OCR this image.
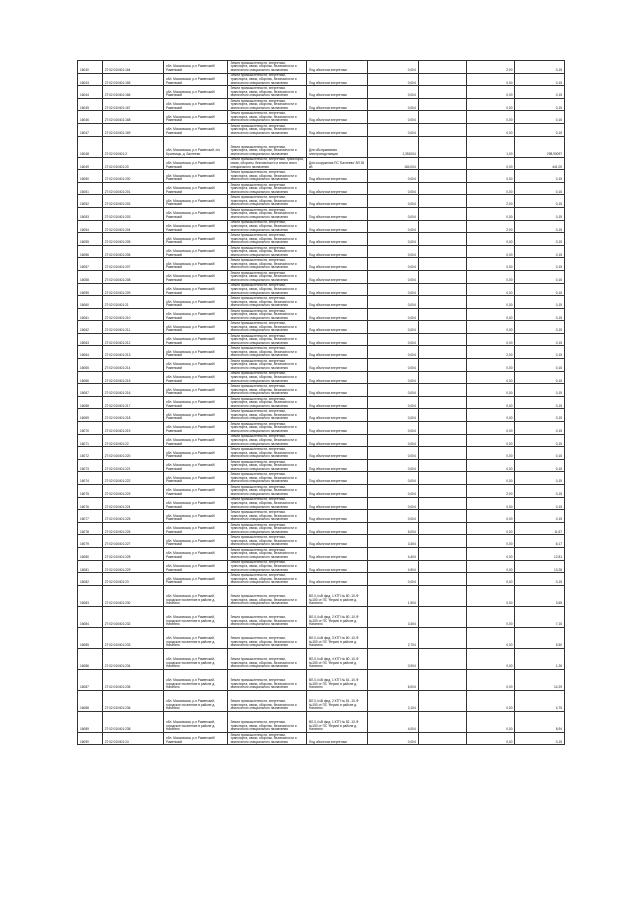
16040	27:02:010401:164	обл. Московская, р-н Раменский/Раменский	Земли промышленности, энергетики, транспорта, связи, обороны, безопасности и земли иного специального назначения	Под объектом энергетики	0,004		2,00	0,15
16043	27:02:010401:165	обл. Московская, р-н Раменский/Раменский	Земли промышленности, энергетики, транспорта, связи, обороны, безопасности и земли иного специального назначения	Под объектом энергетики	0,004		0,00	0,15
16044	27:02:010401:166	обл. Московская, р-н Раменский/Раменский	Земли промышленности, энергетики, транспорта, связи, обороны, безопасности и земли иного специального назначения	Под объектом энергетики	0,004		0,00	0,15
16045	27:02:010401:167	обл. Московская, р-н Раменский/Раменский	Земли промышленности, энергетики, транспорта, связи, обороны, безопасности и земли иного специального назначения	Под объектом энергетики	0,004		0,00	0,15
16046	27:02:010401:168	обл. Московская, р-н Раменский/Раменский	Земли промышленности, энергетики, транспорта, связи, обороны, безопасности и земли иного специального назначения	Под объектом энергетики	0,004		0,00	0,15
16047	27:02:010401:169	обл. Московская, р-н Раменский/Раменский	Земли промышленности, энергетики, транспорта, связи, обороны, безопасности и земли иного специального назначения	Под объектом энергетики	0,004		0,00	0,15
16048	27:02:010401:2	обл. Московская, р-н Раменский, п/о Бронницы, д. Бахтеево	Земли промышленности, энергетики, транспорта, связи, обороны, безопасности и земли иного специального назначения	Для обслуживания электроподстанции	1,351004		1,00	298,93097
16049	27:02:010401:20	обл. Московская, р-н Раменский/Раменский	Земли промышленности, энергетики, транспорta, связи, обороны, безопасности и земли иного специального назначения	Для сооружения ПС 'Бахтеево' ВЛ 35 кВ	184,004		0,00	441,00
16050	27:02:010401:200	обл. Московская, р-н Раменский/Раменский	Земли промышленности, энергетики, транспорта, связи, обороны, безопасности и земли иного специального назначения	Под объектом энергетики	0,004		0,00	0,15
16051	27:02:010401:201	обл. Московская, р-н Раменский/Раменский	Земли промышленности, энергетики, транспорта, связи, обороны, безопасности и земли иного специального назначения	Под объектом энергетики	0,004		0,00	0,15
16052	27:02:010401:202	обл. Московская, р-н Раменский/Раменский	Земли промышленности, энергетики, транспорта, связи, обороны, безопасности и земли иного специального назначения	Под объектом энергетики	0,004		2,00	0,15
16053	27:02:010401:203	обл. Московская, р-н Раменский/Раменский	Земли промышленности, энергетики, транспорта, связи, обороны, безопасности и земли иного специального назначения	Под объектом энергетики	0,004		0,00	0,15
16054	27:02:010401:204	обл. Московская, р-н Раменский/Раменский	Земли промышленности, энергетики, транспорта, связи, обороны, безопасности и земли иного специального назначения	Под объектом энергетики	0,004		2,00	0,15
16055	27:02:010401:205	обл. Московская, р-н Раменский/Раменский	Земли промышленности, энергетики, транспорта, связи, обороны, безопасности и земли иного специального назначения	Под объектом энергетики	0,004		0,00	0,15
16056	27:02:010401:206	обл. Московская, р-н Раменский/Раменский	Земли промышленности, энергетики, транспорта, связи, обороны, безопасности и земли иного специального назначения	Под объектом энергетики	0,004		0,00	0,15
16057	27:02:010401:207	обл. Московская, р-н Раменский/Раменский	Земли промышленности, энергетики, транспорта, связи, обороны, безопасности и земли иного специального назначения	Под объектом энергетики	0,004		0,00	0,15
16058	27:02:010401:208	обл. Московская, р-н Раменский/Раменский	Земли промышленности, энергетики, транспорта, связи, обороны, безопасности и земли иного специального назначения	Под объектом энергетики	0,004		0,00	0,15
16059	27:02:010401:209	обл. Московская, р-н Раменский/Раменский	Земли промышленности, энергетики, транспорта, связи, обороны, безопасности и земли иного специального назначения	Под объектом энергетики	0,004		0,00	0,15
16060	27:02:010401:21	обл. Московская, р-н Раменский/Раменский	Земли промышленности, энергетики, транспорта, связи, обороны, безопасности и земли иного специального назначения	Под объектом энергетики	0,004		0,00	0,15
16061	27:02:010401:210	обл. Московская, р-н Раменский/Раменский	Земли промышленности, энергетики, транспорта, связи, обороны, безопасности и земли иного специального назначения	Под объектом энергетики	0,004		0,00	0,15
16062	27:02:010401:211	обл. Московская, р-н Раменский/Раменский	Земли промышленности, энергетики, транспорта, связи, обороны, безопасности и земли иного специального назначения	Под объектом энергетики	0,004		0,00	0,15
16063	27:02:010401:212	обл. Московская, р-н Раменский/Раменский	Земли промышленности, энергетики, транспорта, связи, обороны, безопасности и земли иного специального назначения	Под объектом энергетики	0,004		0,00	0,15
16064	27:02:010401:213	обл. Московская, р-н Раменский/Раменский	Земли промышленности, энергетики, транспорта, связи, обороны, безопасности и земли иного специального назначения	Под объектом энергетики	0,004		2,00	0,15
16065	27:02:010401:214	обл. Московская, р-н Раменский/Раменский	Земли промышленности, энергетики, транспорта, связи, обороны, безопасности и земли иного специального назначения	Под объектом энергетики	0,004		0,00	0,15
16066	27:02:010401:215	обл. Московская, р-н Раменский/Раменский	Земли промышленности, энергетики, транспорта, связи, обороны, безопасности и земли иного специального назначения	Под объектом энергетики	0,004		0,00	0,15
16067	27:02:010401:216	обл. Московская, р-н Раменский/Раменский	Земли промышленности, энергетики, транспорта, связи, обороны, безопасности и земли иного специального назначения	Под объектом энергетики	0,004		0,00	0,15
16068	27:02:010401:217	обл. Московская, р-н Раменский/Раменский	Земли промышленности, энергетики, транспорта, связи, обороны, безопасности и земли иного специального назначения	Под объектом энергетики	0,004		0,00	0,15
16069	27:02:010401:218	обл. Московская, р-н Раменский/Раменский	Земли промышленности, энергетики, транспорта, связи, обороны, безопасности и земли иного специального назначения	Под объектом энергетики	0,004		0,00	0,15
16070	27:02:010401:219	обл. Московская, р-н Раменский/Раменский	Земли промышленности, энергетики, транспорта, связи, обороны, безопасности и земли иного специального назначения	Под объектом энергетики	0,004		0,00	0,15
16071	27:02:010401:22	обл. Московская, р-н Раменский/Раменский	Земли промышленности, энергетики, транспорта, связи, обороны, безопасности и земли иного специального назначения	Под объектом энергетики	0,004		0,00	0,15
16072	27:02:010401:220	обл. Московская, р-н Раменский/Раменский	Земли промышленности, энергетики, транспорта, связи, обороны, безопасности и земли иного специального назначения	Под объектом энергетики	0,004		0,00	0,15
16073	27:02:010401:221	обл. Московская, р-н Раменский/Раменский	Земли промышленности, энергетики, транспорта, связи, обороны, безопасности и земли иного специального назначения	Под объектом энергетики	0,004		0,00	0,15
16074	27:02:010401:222	обл. Московская, р-н Раменский/Раменский	Земли промышленности, энергетики, транспорта, связи, обороны, безопасности и земли иного специального назначения	Под объектом энергетики	0,004		0,00	0,15
16075	27:02:010401:223	обл. Московская, р-н Раменский/Раменский	Земли промышленности, энергетики, транспорта, связи, обороны, безопасности и земли иного специального назначения	Под объектом энергетики	0,004		2,00	0,15
16076	27:02:010401:224	обл. Московская, р-н Раменский/Раменский	Земли промышленности, энергетики, транспорта, связи, обороны, безопасности и земли иного специального назначения	Под объектом энергетики	0,004		0,00	0,15
16077	27:02:010401:225	обл. Московская, р-н Раменский/Раменский	Земли промышленности, энергетики, транспорта, связи, обороны, безопасности и земли иного специального назначения	Под объектом энергетики	0,004		0,00	0,15
16078	27:02:010401:226	обл. Московская, р-н Раменский/Раменский	Земли промышленности, энергетики, транспорта, связи, обороны, безопасности и земли иного специального назначения	Под объектом энергетики	6,004		0,00	11,67
16079	27:02:010401:227	обл. Московская, р-н Раменский/Раменский	Земли промышленности, энергетики, транспорта, связи, обороны, безопасности и земли иного специального назначения	Под объектом энергетики	3,404		0,00	6,17
16080	27:02:010401:228	обл. Московская, р-н Раменский/Раменский	Земли промышленности, энергетики, транспорта, связи, обороны, безопасности и земли иного специального назначения	Под объектом энергетики	4,404		0,00	12,81
16081	27:02:010401:229	обл. Московская, р-н Раменский/Раменский	Земли промышленности, энергетики, транспорта, связи, обороны, безопасности и земли иного специального назначения	Под объектом энергетики	4,904		0,00	13,28
16082	27:02:010401:23	обл. Московская, р-н Раменский/Раменский	Земли промышленности, энергетики, транспорта, связи, обороны, безопасности и земли иного специального назначения	Под объектом энергетики	0,004		0,00	0,15
16083	27:02:010401:230	обл. Московская, р-н Раменский, городское поселение в районе д. Нагатино	Земли промышленности, энергетики, транспорта, связи, обороны, безопасности и земли иного специального назначения	ВЛ-0,4 кВ фид. 1 КТП № 80 -10-Ф №150 от ПС 'Ферма' в районе д. Нагатино	1,904		0,00	3,65
16084	27:02:010401:232	обл. Московская, р-н Раменский, городское поселение в районе д. Нагатино	Земли промышленности, энергетики, транспорта, связи, обороны, безопасности и земли иного специального назначения	ВЛ-0,4 кВ фид. 2 КТП № 80 -10-Ф №150 от ПС 'Ферма' в районе д. Нагатино	3,404		0,00	7,15
16085	27:02:010401:233	обл. Московская, р-н Раменский, городское поселение в районе д. Нагатино	Земли промышленности, энергетики, транспорта, связи, обороны, безопасности и земли иного специального назначения	ВЛ-0,4 кВ фид. 3 КТП № 80 -10-Ф №150 от ПС 'Ферма' в районе д. Нагатино	2,704		0,00	5,50
16086	27:02:010401:234	обл. Московская, р-н Раменский, городское поселение в районе д. Нагатино	Земли промышленности, энергетики, транспорта, связи, обороны, безопасности и земли иного специального назначения	ВЛ-0,4 кВ фид. 4 КТП № 80 -10-Ф №150 от ПС 'Ферма' в районе д. Нагатино	0,904		0,00	1,26
16087	27:02:010401:235	обл. Московская, р-н Раменский, городское поселение в районе д. Нагатино	Земли промышленности, энергетики, транспорта, связи, обороны, безопасности и земли иного специального назначения	ВЛ-0,4 кВ фид. 1 КТП № 81 -10-Ф №150 от ПС 'Ферма' в районе д. Нагатино	6,004		0,00	14,29
16088	27:02:010401:236	обл. Московская, р-н Раменский, городское поселение в районе д. Нагатино	Земли промышленности, энергетики, транспорта, связи, обороны, безопасности и земли иного специального назначения	ВЛ-0,4 кВ фид. 2 КТП № 81 -10-Ф №150 от ПС 'Ферма' в районе д. Нагатино	2,104		0,00	4,75
16089	27:02:010401:238	обл. Московская, р-н Раменский, городское поселение в районе д. Нагатино	Земли промышленности, энергетики, транспорта, связи, обороны, безопасности и земли иного специального назначения	ВЛ-0,4 кВ фид. 1 КТП № 82 -10-Ф №150 от ПС 'Ферма' в районе д. Нагатино	4,004		0,00	8,94
16090	27:02:010401:24	обл. Московская, р-н Раменский/Раменский	Земли промышленности, энергетики, транспорта, связи, обороны, безопасности и земли иного специального назначения	Под объектом энергетики	0,004		0,00	0,15
